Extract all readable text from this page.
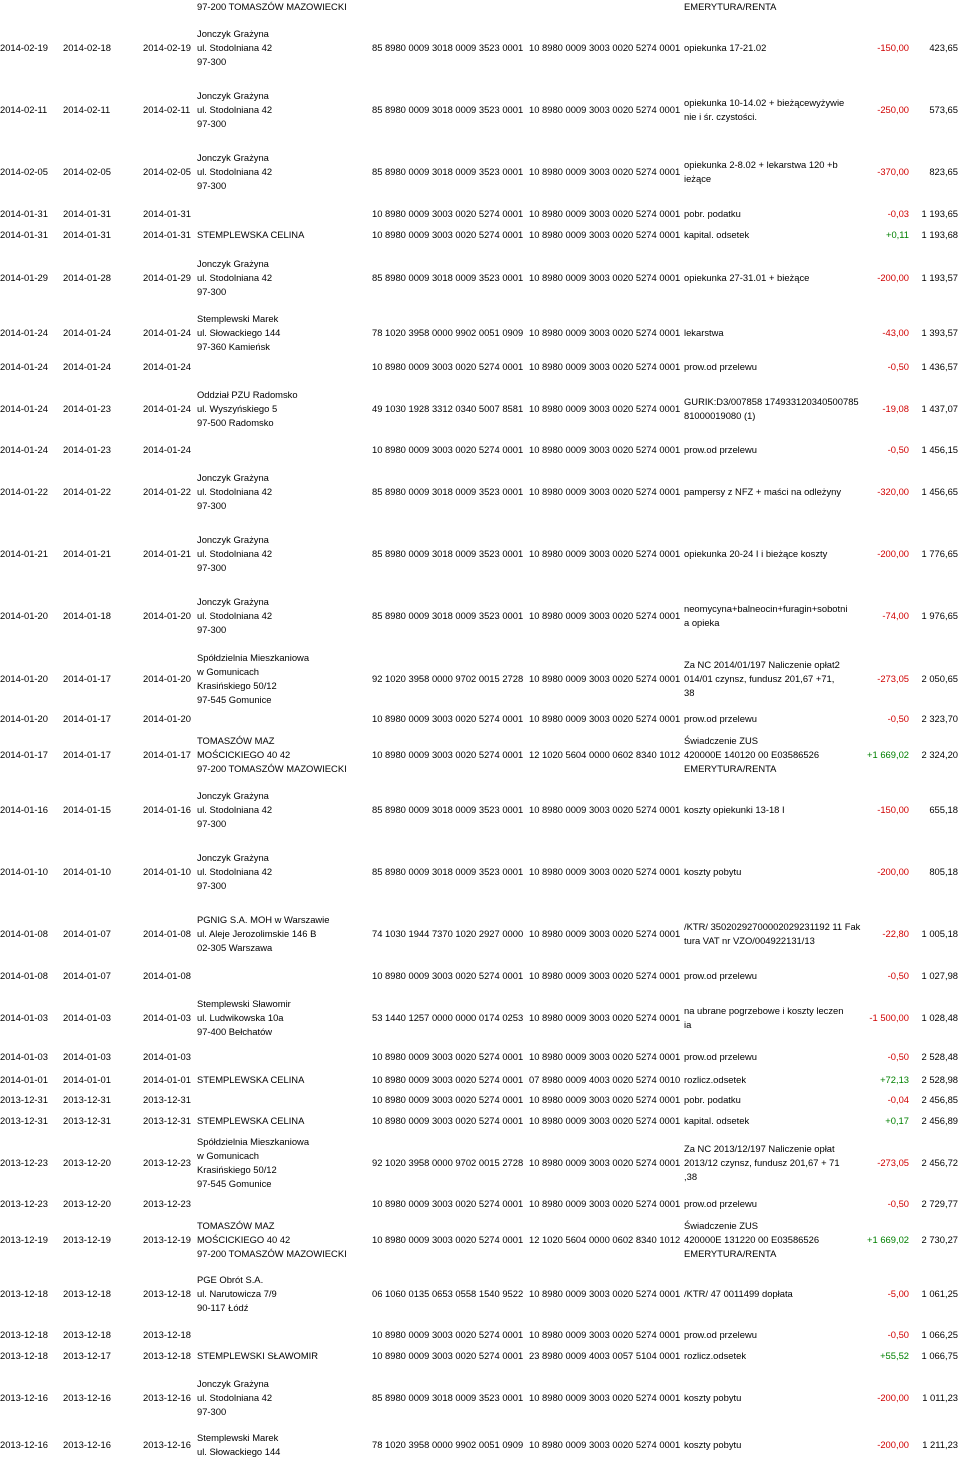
97-200 TOMASZÓW MAZOWIECKI	EMERYTURA/RENTA
2014-02-19 2014-02-18	2014-02-19
Jonczyk Grażyna
ul. Stodolniana 42
97-300
85 8980 0009 3018 0009 3523 0001 10 8980 0009 3003 0020 5274 0001 opiekunka 17-21.02	-150,00 423,65
2014-02-11 2014-02-11	2014-02-11
Jonczyk Grażyna
ul. Stodolniana 42
97-300
85 8980 0009 3018 0009 3523 0001 10 8980 0009 3003 0020 5274 0001
opiekunka 10-14.02 + bieżącewyżywie
nie i śr. czystości.
-250,00 573,65
2014-02-05 2014-02-05	2014-02-05
Jonczyk Grażyna
ul. Stodolniana 42
97-300
85 8980 0009 3018 0009 3523 0001 10 8980 0009 3003 0020 5274 0001
opiekunka 2-8.02 + lekarstwa 120 +b
ieżące
-370,00 823,65
2014-01-31 2014-01-31	2014-01-31	10 8980 0009 3003 0020 5274 0001 10 8980 0009 3003 0020 5274 0001 pobr. podatku	-0,03 1 193,65
2014-01-31 2014-01-31	2014-01-31 STEMPLEWSKA CELINA	10 8980 0009 3003 0020 5274 0001 10 8980 0009 3003 0020 5274 0001 kapital. odsetek	+0,11 1 193,68
2014-01-29 2014-01-28	2014-01-29
Jonczyk Grażyna
ul. Stodolniana 42
97-300
85 8980 0009 3018 0009 3523 0001 10 8980 0009 3003 0020 5274 0001 opiekunka 27-31.01 + bieżące	-200,00 1 193,57
2014-01-24 2014-01-24	2014-01-24
Stemplewski Marek
ul. Słowackiego 144
97-360 Kamieńsk
78 1020 3958 0000 9902 0051 0909 10 8980 0009 3003 0020 5274 0001 lekarstwa	-43,00 1 393,57
2014-01-24 2014-01-24	2014-01-24	10 8980 0009 3003 0020 5274 0001 10 8980 0009 3003 0020 5274 0001 prow.od przelewu	-0,50 1 436,57
2014-01-24 2014-01-23	2014-01-24
Oddział PZU Radomsko
ul. Wyszyńskiego 5
97-500 Radomsko
49 1030 1928 3312 0340 5007 8581 10 8980 0009 3003 0020 5274 0001
GURIK:D3/007858 174933120340500785
81000019080 (1)
-19,08 1 437,07
2014-01-24 2014-01-23	2014-01-24	10 8980 0009 3003 0020 5274 0001 10 8980 0009 3003 0020 5274 0001 prow.od przelewu	-0,50 1 456,15
2014-01-22 2014-01-22	2014-01-22
Jonczyk Grażyna
ul. Stodolniana 42
97-300
85 8980 0009 3018 0009 3523 0001 10 8980 0009 3003 0020 5274 0001 pampersy z NFZ + maści na odleżyny	-320,00 1 456,65
2014-01-21 2014-01-21	2014-01-21
Jonczyk Grażyna
ul. Stodolniana 42
97-300
85 8980 0009 3018 0009 3523 0001 10 8980 0009 3003 0020 5274 0001 opiekunka 20-24 I i bieżące koszty	-200,00 1 776,65
2014-01-20 2014-01-18	2014-01-20
Jonczyk Grażyna
ul. Stodolniana 42
97-300
85 8980 0009 3018 0009 3523 0001 10 8980 0009 3003 0020 5274 0001
neomycyna+balneocin+furagin+sobotni
a opieka
-74,00 1 976,65
2014-01-20 2014-01-17	2014-01-20
Spółdzielnia Mieszkaniowa
w Gomunicach
Krasińskiego 50/12
97-545 Gomunice
92 1020 3958 0000 9702 0015 2728 10 8980 0009 3003 0020 5274 0001
Za NC 2014/01/197 Naliczenie opłat2
014/01 czynsz, fundusz 201,67 +71,
38
-273,05 2 050,65
2014-01-20 2014-01-17	2014-01-20	10 8980 0009 3003 0020 5274 0001 10 8980 0009 3003 0020 5274 0001 prow.od przelewu	-0,50 2 323,70
2014-01-17 2014-01-17	2014-01-17
TOMASZÓW MAZ
MOŚCICKIEGO 40 42
97-200 TOMASZÓW MAZOWIECKI
10 8980 0009 3003 0020 5274 0001 12 1020 5604 0000 0602 8340 1012
Świadczenie ZUS
420000E 140120 00 E03586526
EMERYTURA/RENTA
+1 669,02 2 324,20
2014-01-16 2014-01-15	2014-01-16
Jonczyk Grażyna
ul. Stodolniana 42
97-300
85 8980 0009 3018 0009 3523 0001 10 8980 0009 3003 0020 5274 0001 koszty opiekunki 13-18 I	-150,00 655,18
2014-01-10 2014-01-10	2014-01-10
Jonczyk Grażyna
ul. Stodolniana 42
97-300
85 8980 0009 3018 0009 3523 0001 10 8980 0009 3003 0020 5274 0001 koszty pobytu	-200,00 805,18
2014-01-08 2014-01-07	2014-01-08
PGNIG S.A. MOH w Warszawie
ul. Aleje Jerozolimskie 146 B
02-305 Warszawa
74 1030 1944 7370 1020 2927 0000 10 8980 0009 3003 0020 5274 0001
/KTR/ 35020292700002029231192 11 Fak
tura VAT nr VZO/004922131/13
-22,80 1 005,18
2014-01-08 2014-01-07	2014-01-08	10 8980 0009 3003 0020 5274 0001 10 8980 0009 3003 0020 5274 0001 prow.od przelewu	-0,50 1 027,98
2014-01-03 2014-01-03	2014-01-03
Stemplewski Sławomir
ul. Ludwikowska 10a
97-400 Bełchatów
53 1440 1257 0000 0000 0174 0253 10 8980 0009 3003 0020 5274 0001
na ubrane pogrzebowe i koszty leczen
ia
-1 500,00 1 028,48
2014-01-03 2014-01-03	2014-01-03	10 8980 0009 3003 0020 5274 0001 10 8980 0009 3003 0020 5274 0001 prow.od przelewu	-0,50 2 528,48
2014-01-01 2014-01-01	2014-01-01 STEMPLEWSKA CELINA	10 8980 0009 3003 0020 5274 0001 07 8980 0009 4003 0020 5274 0010 rozlicz.odsetek	+72,13 2 528,98
2013-12-31 2013-12-31	2013-12-31	10 8980 0009 3003 0020 5274 0001 10 8980 0009 3003 0020 5274 0001 pobr. podatku	-0,04 2 456,85
2013-12-31 2013-12-31	2013-12-31 STEMPLEWSKA CELINA	10 8980 0009 3003 0020 5274 0001 10 8980 0009 3003 0020 5274 0001 kapital. odsetek	+0,17 2 456,89
2013-12-23 2013-12-20	2013-12-23
Spółdzielnia Mieszkaniowa
w Gomunicach
Krasińskiego 50/12
97-545 Gomunice
92 1020 3958 0000 9702 0015 2728 10 8980 0009 3003 0020 5274 0001
Za NC 2013/12/197 Naliczenie opłat
2013/12 czynsz, fundusz 201,67 + 71
,38
-273,05 2 456,72
2013-12-23 2013-12-20	2013-12-23	10 8980 0009 3003 0020 5274 0001 10 8980 0009 3003 0020 5274 0001 prow.od przelewu	-0,50 2 729,77
2013-12-19 2013-12-19	2013-12-19
TOMASZÓW MAZ
MOŚCICKIEGO 40 42
97-200 TOMASZÓW MAZOWIECKI
10 8980 0009 3003 0020 5274 0001 12 1020 5604 0000 0602 8340 1012
Świadczenie ZUS
420000E 131220 00 E03586526
EMERYTURA/RENTA
+1 669,02 2 730,27
2013-12-18 2013-12-18	2013-12-18
PGE Obrót S.A.
ul. Narutowicza 7/9
90-117 Łódź
06 1060 0135 0653 0558 1540 9522 10 8980 0009 3003 0020 5274 0001 /KTR/ 47 0011499 dopłata	-5,00 1 061,25
2013-12-18 2013-12-18	2013-12-18	10 8980 0009 3003 0020 5274 0001 10 8980 0009 3003 0020 5274 0001 prow.od przelewu	-0,50 1 066,25
2013-12-18 2013-12-17	2013-12-18 STEMPLEWSKI SŁAWOMIR	10 8980 0009 3003 0020 5274 0001 23 8980 0009 4003 0057 5104 0001 rozlicz.odsetek	+55,52 1 066,75
2013-12-16 2013-12-16	2013-12-16
Jonczyk Grażyna
ul. Stodolniana 42
97-300
85 8980 0009 3018 0009 3523 0001 10 8980 0009 3003 0020 5274 0001 koszty pobytu	-200,00 1 011,23
2013-12-16 2013-12-16	2013-12-16
Stemplewski Marek
ul. Słowackiego 144
78 1020 3958 0000 9902 0051 0909 10 8980 0009 3003 0020 5274 0001 koszty pobytu	-200,00 1 211,23
